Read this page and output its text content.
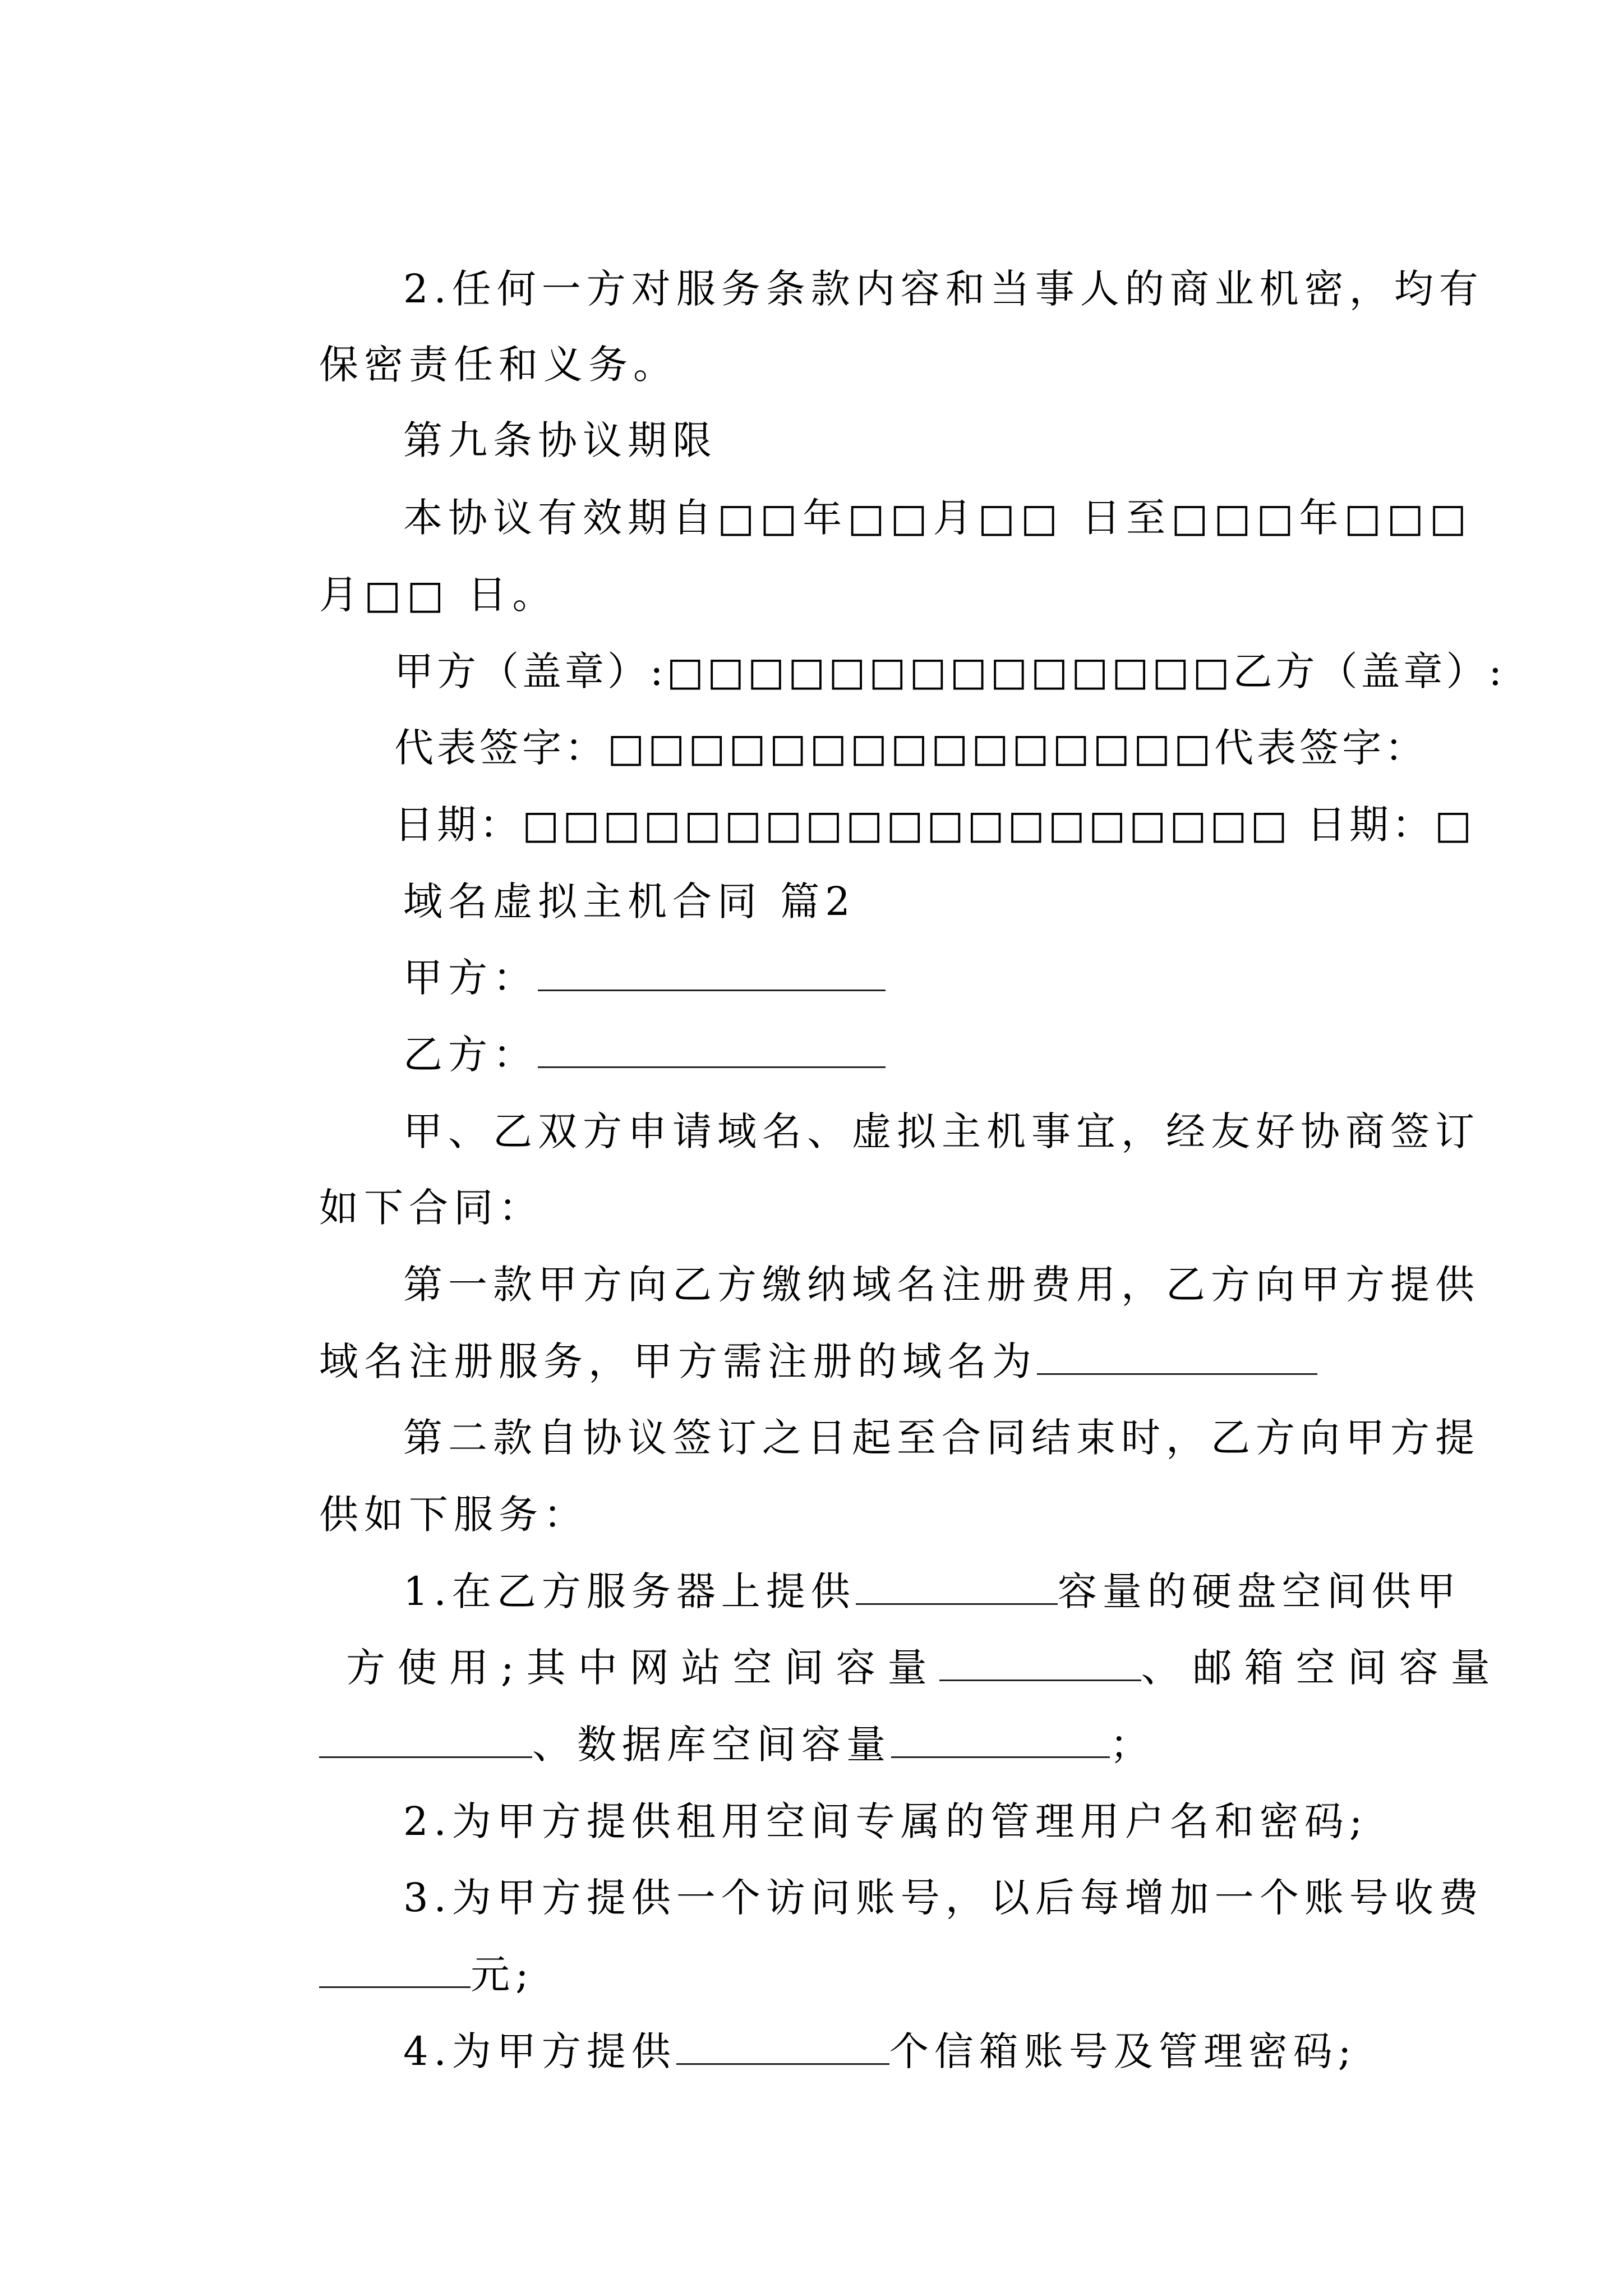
2.任何一方对服务条款内容和当事人的商业机密，均有

保密责任和义务。

第九条协议期限

本协议有效期自□□年□□月□□ 日至□□□年□□□

月□□ 日。

甲方（盖章）:□□□□□□□□□□□□□□乙方（盖章）:

代表签字：□□□□□□□□□□□□□□□代表签字：

日期：□□□□□□□□□□□□□□□□□□□ 日期：□

域名虚拟主机合同 篇2

甲方：

乙方：

甲、乙双方申请域名、虚拟主机事宜，经友好协商签订

如下合同：

第一款甲方向乙方缴纳域名注册费用，乙方向甲方提供

域名注册服务，甲方需注册的域名为

第二款自协议签订之日起至合同结束时，乙方向甲方提

供如下服务：

1.在乙方服务器上提供	容量的硬盘空间供甲

方使用;其中网站空间容量	、邮箱空间容量

、数据库空间容量	；

2.为甲方提供租用空间专属的管理用户名和密码;

3.为甲方提供一个访问账号，以后每增加一个账号收费

元;

4.为甲方提供	个信箱账号及管理密码;
